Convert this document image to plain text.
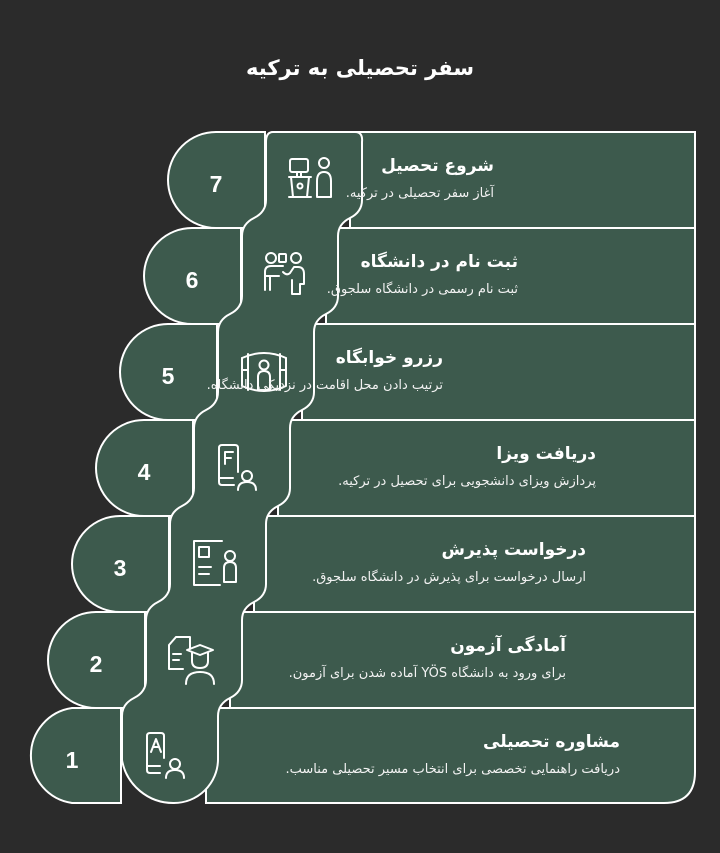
سفر تحصیلی به ترکیه
7
6
5
4
3
2
1
شروع تحصیل
آغاز سفر تحصیلی در ترکیه.
ثبت نام در دانشگاه
ثبت نام رسمی در دانشگاه سلجوق.
رزرو خوابگاه
ترتیب دادن محل اقامت در نزدیکی دانشگاه.
دریافت ویزا
پردازش ویزای دانشجویی برای تحصیل در ترکیه.
درخواست پذیرش
ارسال درخواست برای پذیرش در دانشگاه سلجوق.
آمادگی آزمون
برای ورود به دانشگاه YÖS آماده شدن برای آزمون.
مشاوره تحصیلی
دریافت راهنمایی تخصصی برای انتخاب مسیر تحصیلی مناسب.
